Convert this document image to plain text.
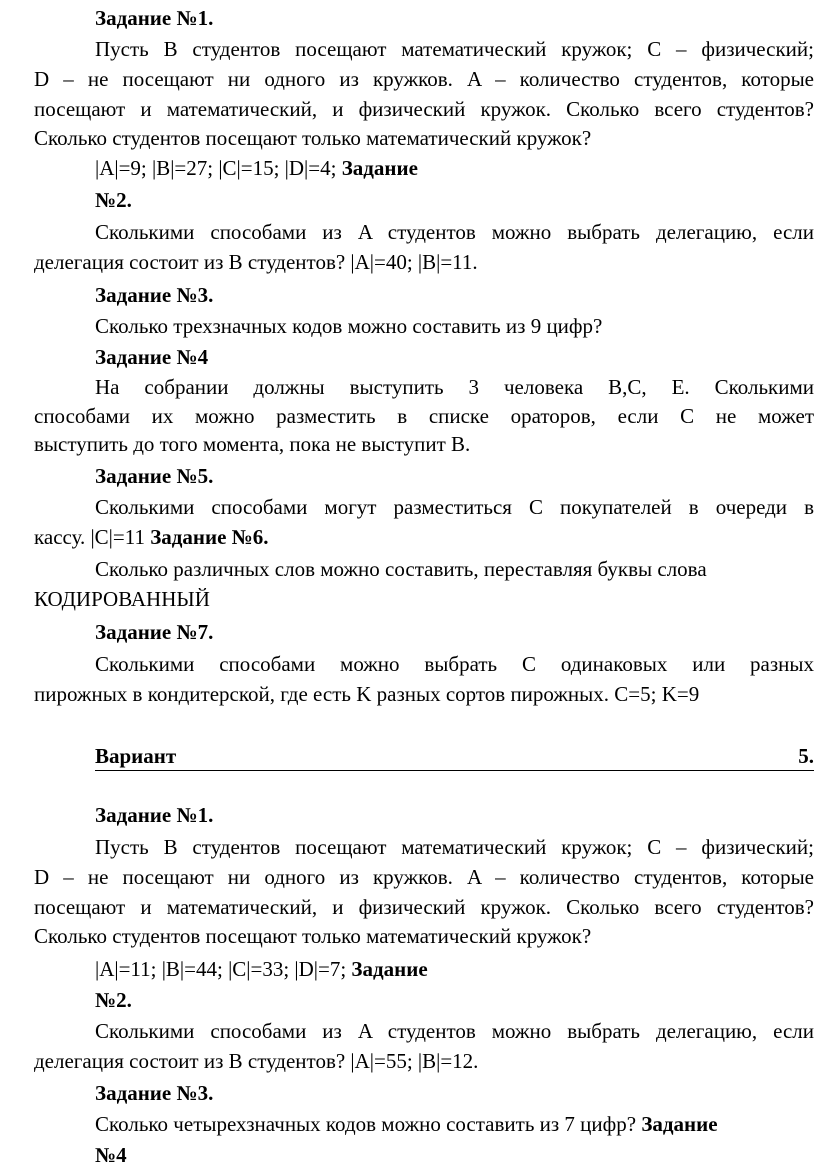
Задание №1.
Пусть B студентов посещают математический кружок; C – физический;
D – не посещают ни одного из кружков. A – количество студентов, которые
посещают и математический, и физический кружок. Сколько всего студентов?
Сколько студентов посещают только математический кружок?
|A|=9; |B|=27; |C|=15; |D|=4; Задание
№2.
Сколькими способами из A студентов можно выбрать делегацию, если
делегация состоит из B студентов? |A|=40; |B|=11.
Задание №3.
Сколько трехзначных кодов можно составить из 9 цифр?
Задание №4
На собрании должны выступить 3 человека B,C, E. Сколькими
способами их можно разместить в списке ораторов, если C не может
выступить до того момента, пока не выступит B.
Задание №5.
Сколькими способами могут разместиться C покупателей в очереди в
кассу. |C|=11 Задание №6.
Сколько различных слов можно составить, переставляя буквы слова
КОДИРОВАННЫЙ
Задание №7.
Сколькими способами можно выбрать C одинаковых или разных
пирожных в кондитерской, где есть K разных сортов пирожных. C=5; K=9
Вариант	5.
Задание №1.
Пусть B студентов посещают математический кружок; C – физический;
D – не посещают ни одного из кружков. A – количество студентов, которые
посещают и математический, и физический кружок. Сколько всего студентов?
Сколько студентов посещают только математический кружок?
|A|=11; |B|=44; |C|=33; |D|=7; Задание
№2.
Сколькими способами из A студентов можно выбрать делегацию, если
делегация состоит из B студентов? |A|=55; |B|=12.
Задание №3.
Сколько четырехзначных кодов можно составить из 7 цифр? Задание
№4
